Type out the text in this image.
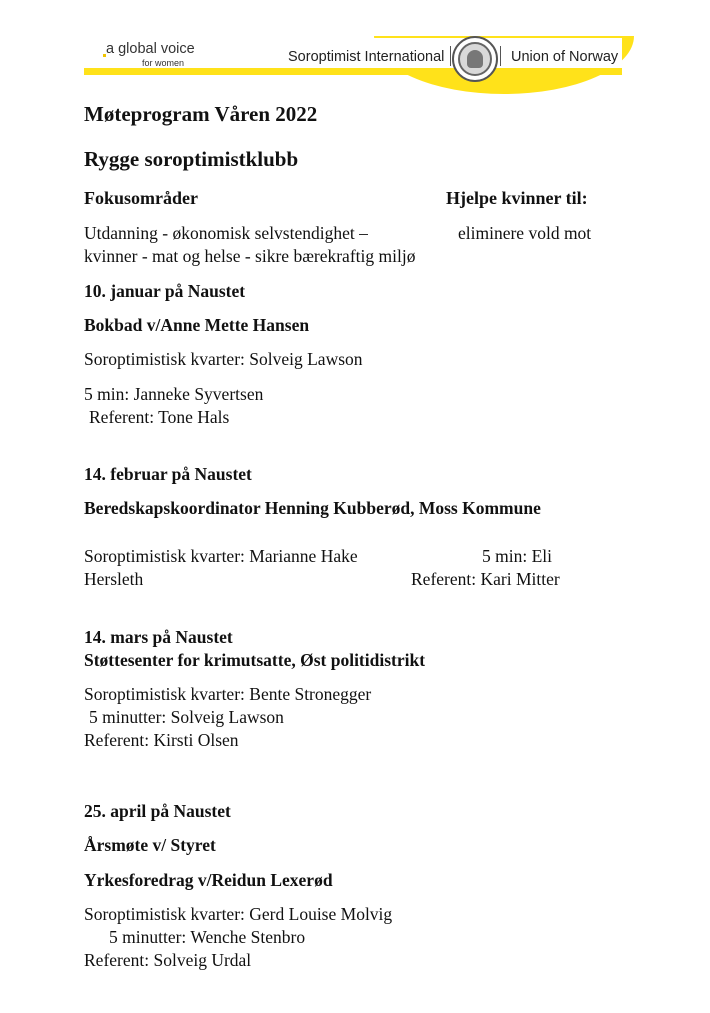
a global voice
for women	Soroptimist International	Union of Norway
Møteprogram Våren 2022
Rygge soroptimistklubb
Fokusområder	Hjelpe kvinner til:
Utdanning - økonomisk selvstendighet –	eliminere vold mot
kvinner - mat og helse - sikre bærekraftig miljø
10. januar på Naustet
Bokbad v/Anne Mette Hansen
Soroptimistisk kvarter: Solveig Lawson
5 min: Janneke Syvertsen
Referent: Tone Hals
14. februar på Naustet
Beredskapskoordinator Henning Kubberød, Moss Kommune
Soroptimistisk kvarter: Marianne Hake	5 min: Eli
Hersleth	Referent: Kari Mitter
14. mars på Naustet
Støttesenter for krimutsatte, Øst politidistrikt
Soroptimistisk kvarter: Bente Stronegger
5 minutter: Solveig Lawson
Referent: Kirsti Olsen
25. april på Naustet
Årsmøte v/ Styret
Yrkesforedrag v/Reidun Lexerød
Soroptimistisk kvarter: Gerd Louise Molvig
5 minutter: Wenche Stenbro
Referent: Solveig Urdal
